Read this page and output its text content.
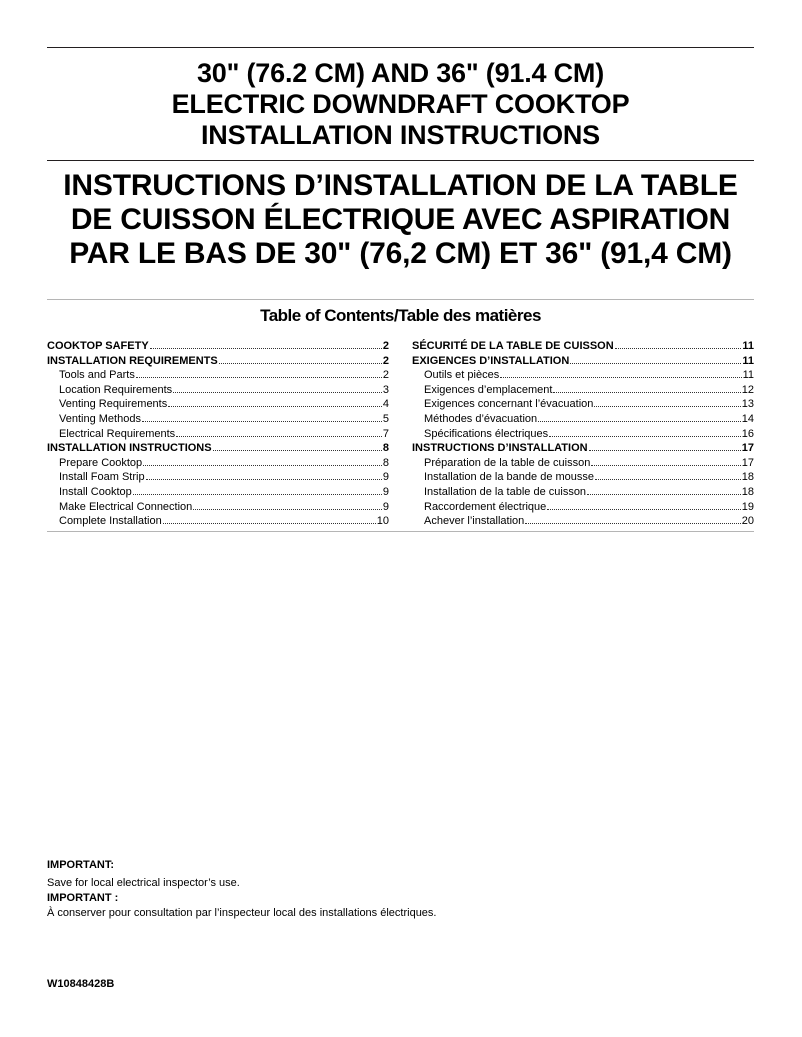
30" (76.2 CM) AND 36" (91.4 CM)
ELECTRIC DOWNDRAFT COOKTOP
INSTALLATION INSTRUCTIONS
INSTRUCTIONS D’INSTALLATION DE LA TABLE
DE CUISSON ÉLECTRIQUE AVEC ASPIRATION
PAR LE BAS DE 30" (76,2 CM) ET 36" (91,4 CM)
Table of Contents/Table des matières
COOKTOP SAFETY	2
INSTALLATION REQUIREMENTS	2
Tools and Parts	2
Location Requirements	3
Venting Requirements	4
Venting Methods	5
Electrical Requirements	7
INSTALLATION INSTRUCTIONS	8
Prepare Cooktop	8
Install Foam Strip	9
Install Cooktop	9
Make Electrical Connection	9
Complete Installation	10
SÉCURITÉ DE LA TABLE DE CUISSON	11
EXIGENCES D’INSTALLATION	11
Outils et pièces	11
Exigences d’emplacement	12
Exigences concernant l’évacuation	13
Méthodes d’évacuation	14
Spécifications électriques	16
INSTRUCTIONS D’INSTALLATION	17
Préparation de la table de cuisson	17
Installation de la bande de mousse	18
Installation de la table de cuisson	18
Raccordement électrique	19
Achever l’installation	20
IMPORTANT:
Save for local electrical inspector’s use.
IMPORTANT :
À conserver pour consultation par l’inspecteur local des installations électriques.
W10848428B
